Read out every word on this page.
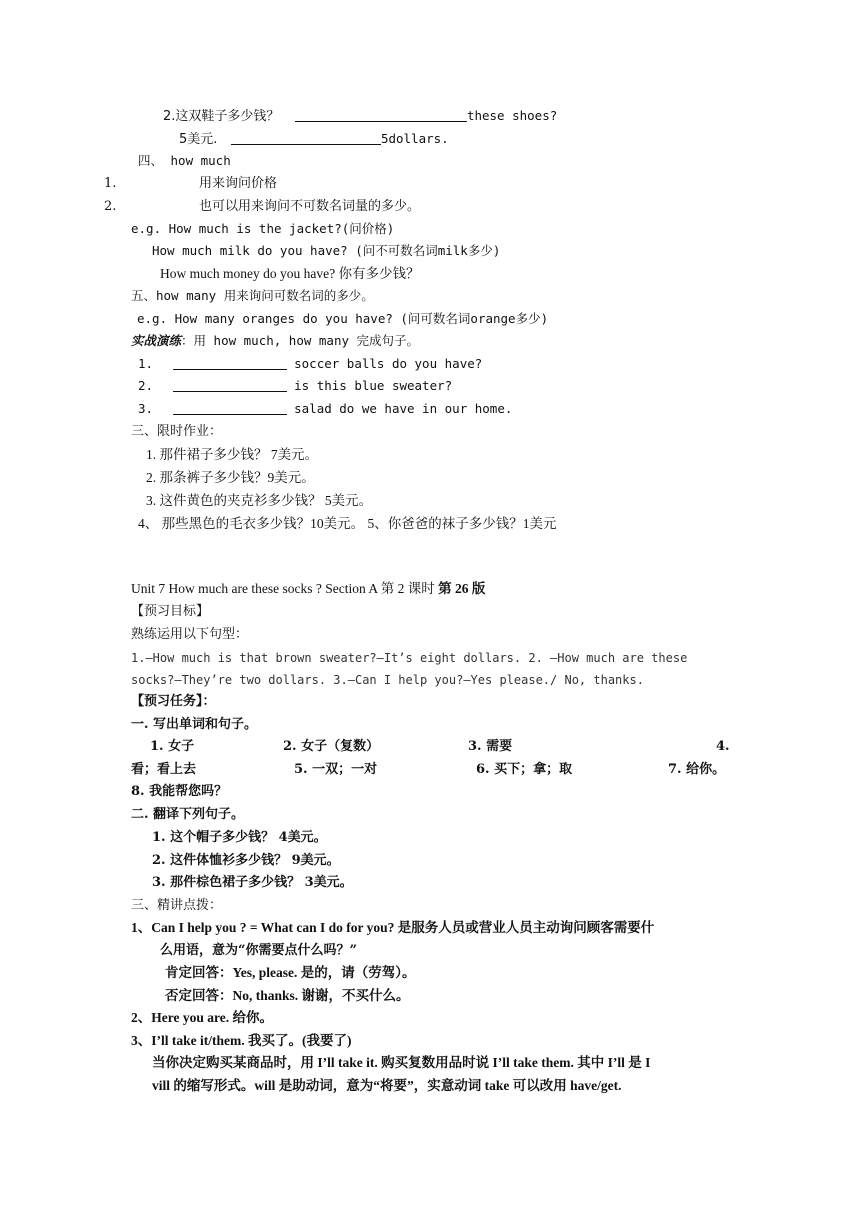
2.这双鞋子多少钱？	these shoes?
5美元.	5dollars.
四、 how much
1.	用来询问价格
2.	也可以用来询问不可数名词量的多少。
e.g. How much is the jacket?(问价格)
How much milk do you have? (问不可数名词milk多少)
How much money do you have? 你有多少钱？
五、how many 用来询问可数名词的多少。
e.g. How many oranges do you have? (问可数名词orange多少)
实战演练：用 how much, how many 完成句子。
1.	soccer balls do you have?
2.	is this blue sweater?
3.	salad do we have in our home.
三、限时作业：
1. 那件裙子多少钱？ 7美元。
2. 那条裤子多少钱？9美元。
3. 这件黄色的夹克衫多少钱？ 5美元。
4、 那些黑色的毛衣多少钱？10美元。 5、你爸爸的袜子多少钱？1美元
Unit 7 How much are these socks ? Section A 第 2 课时 第 26 版
【预习目标】
熟练运用以下句型：
1.—How much is that brown sweater?—It’s eight dollars. 2. —How much are these
socks?—They’re two dollars. 3.—Can I help you?—Yes please./ No, thanks.
【预习任务】：
一. 写出单词和句子。
1. 女子	2. 女子（复数）	3. 需要	4.
看；看上去	5. 一双；一对	6. 买下；拿；取	7. 给你。
8. 我能帮您吗？
二. 翻译下列句子。
1. 这个帽子多少钱？ 4美元。
2. 这件体恤衫多少钱？ 9美元。
3. 那件棕色裙子多少钱？ 3美元。
三、精讲点拨：
1、Can I help you ? = What can I do for you? 是服务人员或营业人员主动询问顾客需要什
么用语，意为“你需要点什么吗？”
肯定回答：Yes, please. 是的，请（劳驾）。
否定回答：No, thanks. 谢谢，不买什么。
2、Here you are. 给你。
3、I’ll take it/them. 我买了。(我要了)
当你决定购买某商品时，用 I’ll take it. 购买复数用品时说 I’ll take them. 其中 I’ll 是 I
vill 的缩写形式。will 是助动词，意为“将要”，实意动词 take 可以改用 have/get.
